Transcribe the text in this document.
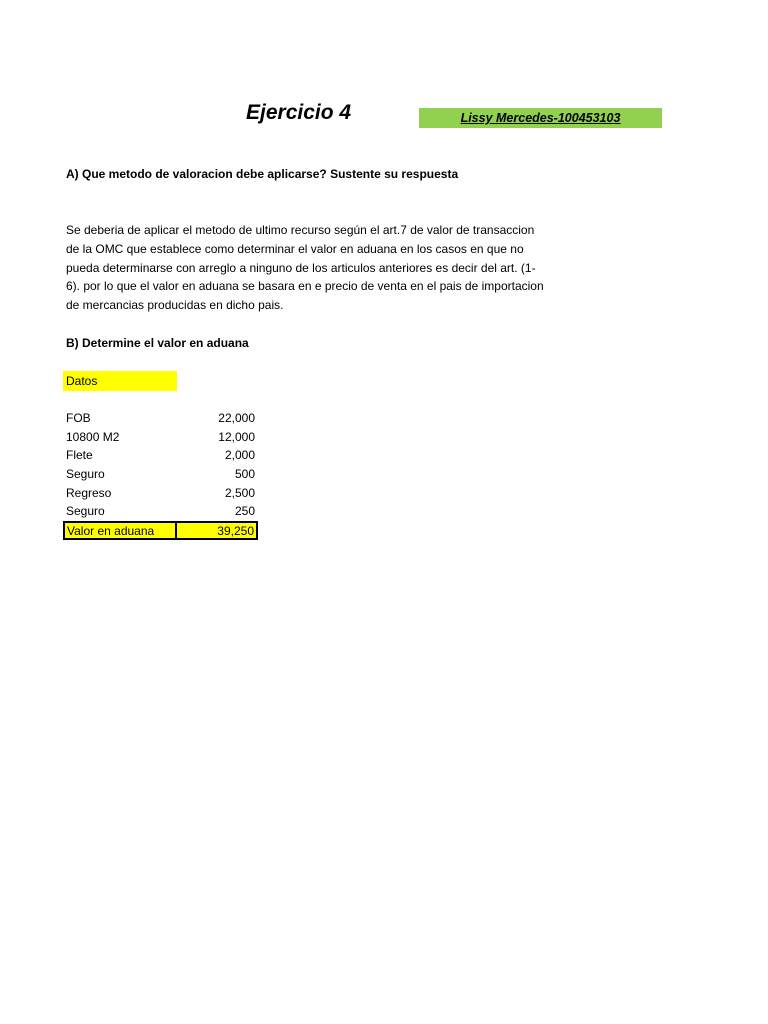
Ejercicio 4	Lissy Mercedes-100453103
A) Que metodo de valoracion debe aplicarse? Sustente su respuesta
Se deberia de aplicar el metodo de ultimo recurso según el art.7 de valor de transaccion
de la OMC que establece como determinar el valor en aduana en los casos en que no
pueda determinarse con arreglo a ninguno de los articulos anteriores es decir del art. (1-
6). por lo que el valor en aduana se basara en e precio de venta en el pais de importacion
de mercancias producidas en dicho pais.
B) Determine el valor en aduana
Datos
FOB	22,000
10800 M2	12,000
Flete	2,000
Seguro	500
Regreso	2,500
Seguro	250
Valor en aduana	39,250
